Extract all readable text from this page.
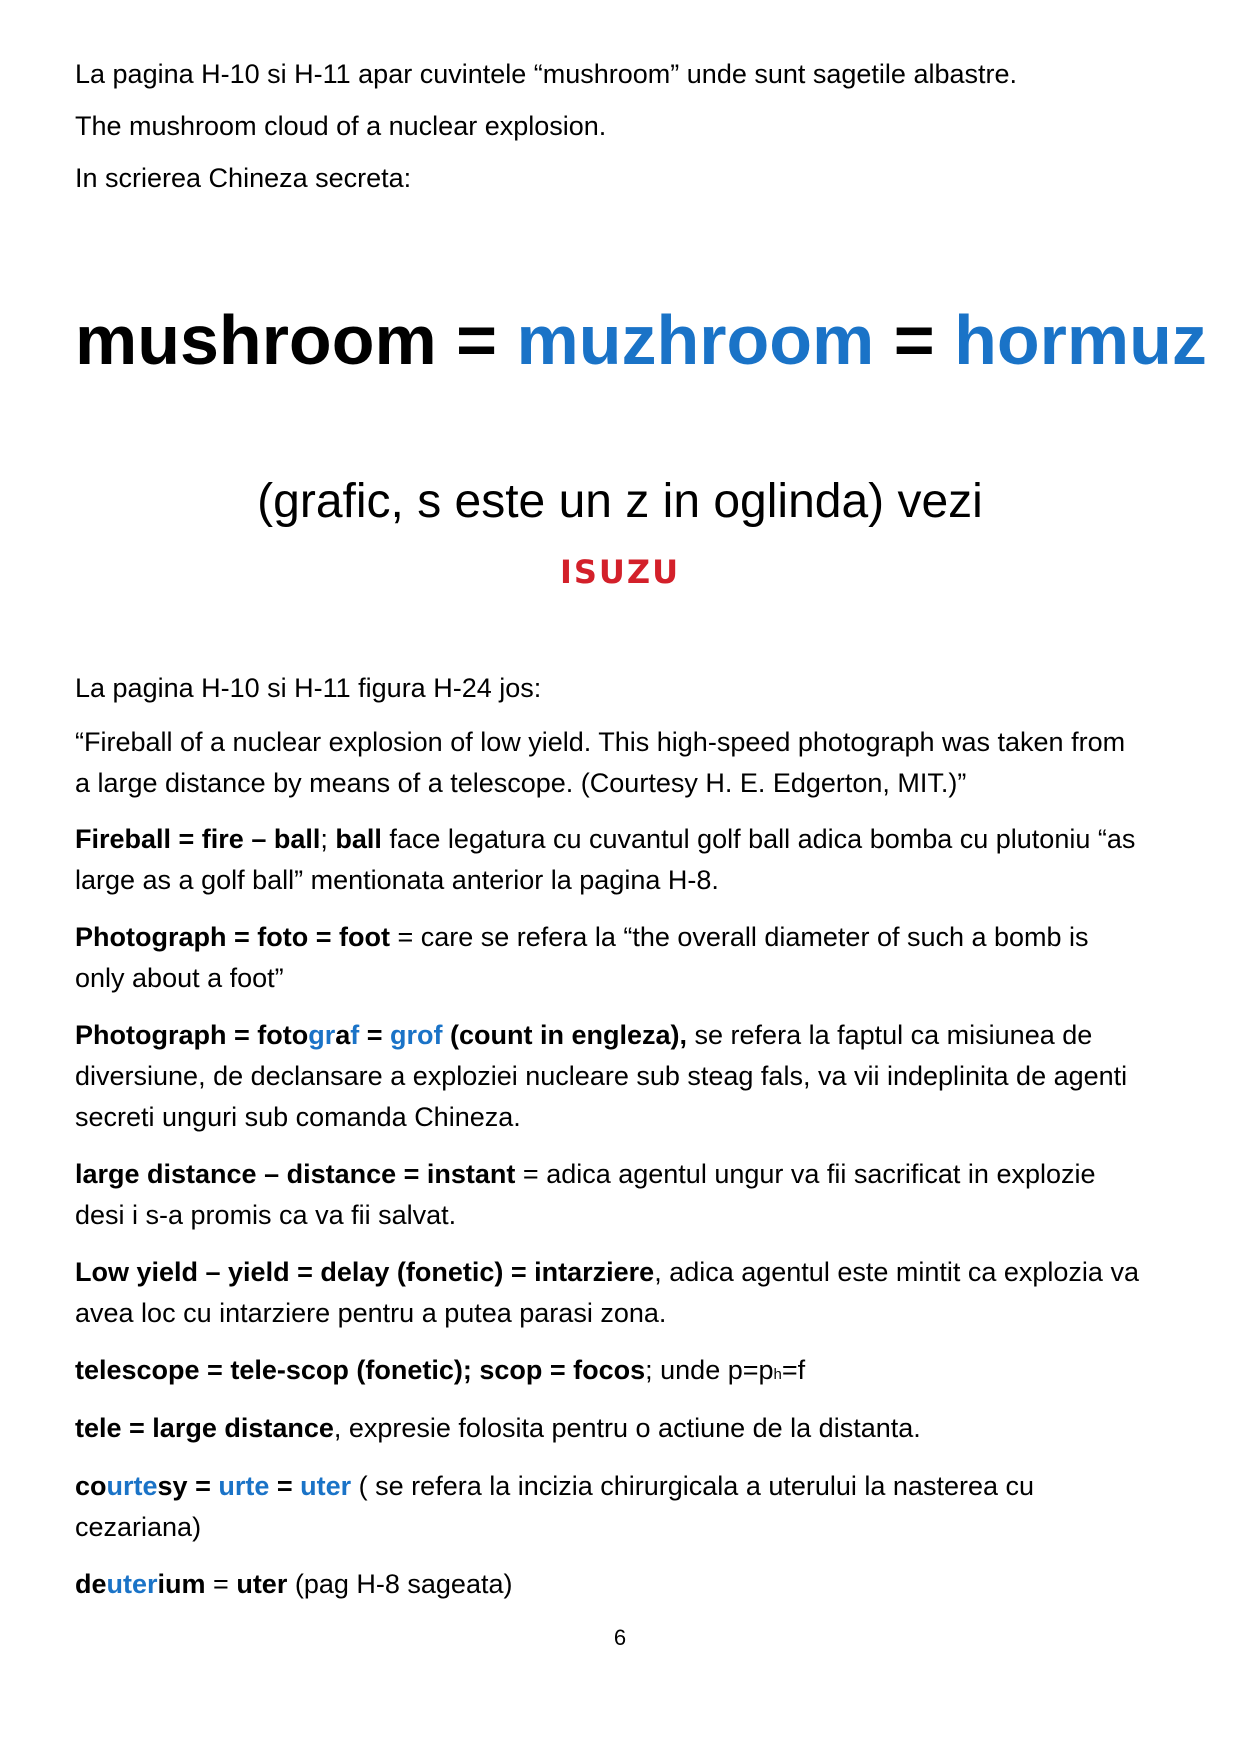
La pagina H-10 si H-11 apar cuvintele “mushroom” unde sunt sagetile albastre.

The mushroom cloud of a nuclear explosion.

In scrierea Chineza secreta:

mushroom = muzhroom = hormuz
(grafic, s este un z in oglinda) vezi
ISUZU

La pagina H-10 si H-11 figura H-24 jos:

“Fireball of a nuclear explosion of low yield. This high-speed photograph was taken from a large distance by means of a telescope. (Courtesy H. E. Edgerton, MIT.)”

Fireball = fire – ball; ball face legatura cu cuvantul golf ball adica bomba cu plutoniu “as large as a golf ball” mentionata anterior la pagina H-8.

Photograph = foto = foot = care se refera la “the overall diameter of such a bomb is only about a foot”

Photograph = fotograf = grof (count in engleza), se refera la faptul ca misiunea de diversiune, de declansare a exploziei nucleare sub steag fals, va vii indeplinita de agenti secreti unguri sub comanda Chineza.

large distance – distance = instant = adica agentul ungur va fii sacrificat in explozie desi i s-a promis ca va fii salvat.

Low yield – yield = delay (fonetic) = intarziere, adica agentul este mintit ca explozia va avea loc cu intarziere pentru a putea parasi zona.

telescope = tele-scop (fonetic); scop = focos; unde p=ph=f

tele = large distance, expresie folosita pentru o actiune de la distanta.

courtesy = urte = uter ( se refera la incizia chirurgicala a uterului la nasterea cu cezariana)

deuterium = uter (pag H-8 sageata)

6
